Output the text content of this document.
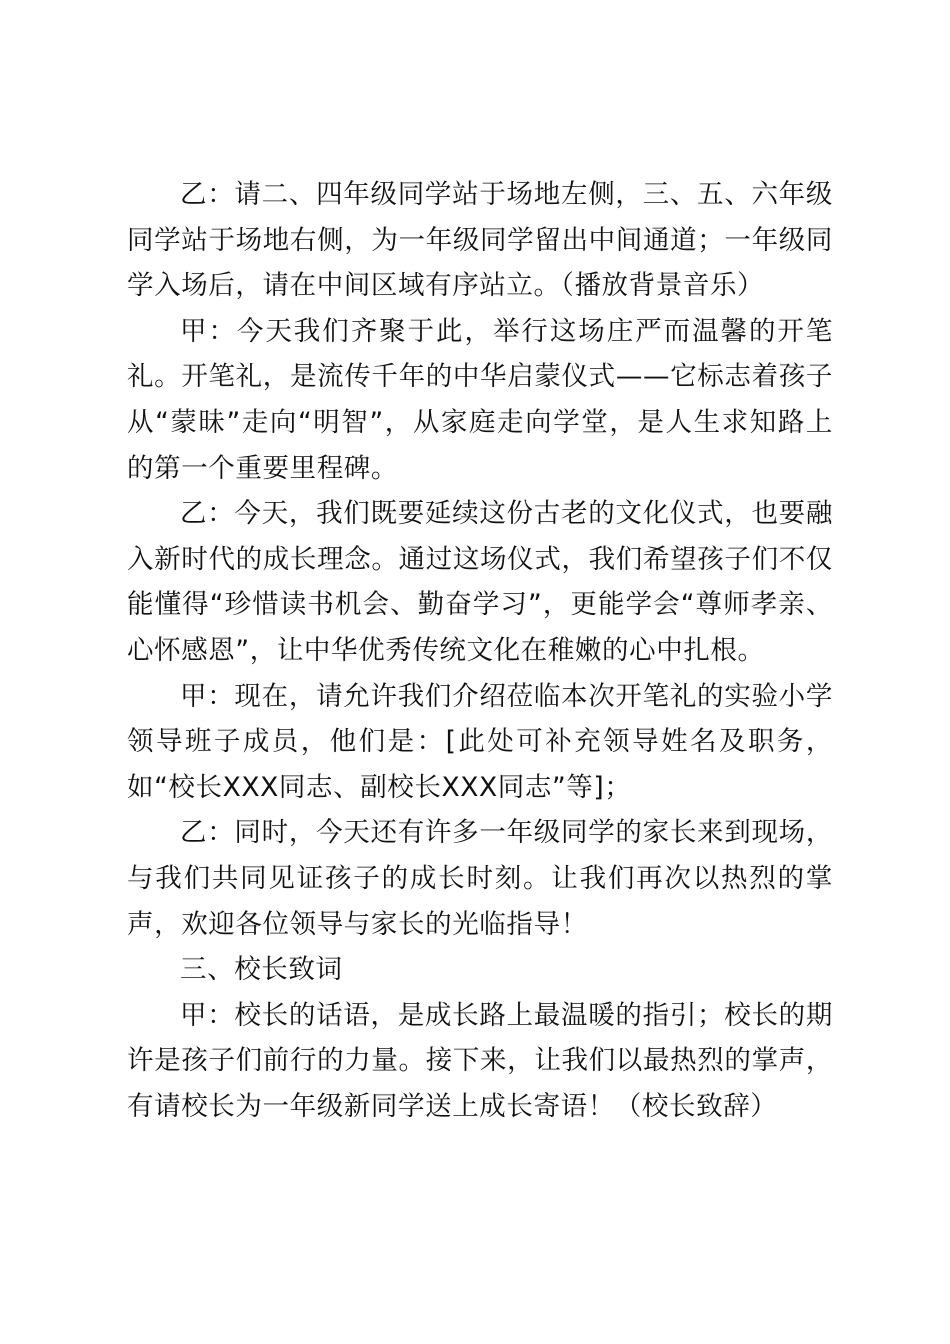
乙：请二、四年级同学站于场地左侧，三、五、六年级同学站于场地右侧，为一年级同学留出中间通道；一年级同学入场后，请在中间区域有序站立。（播放背景音乐）

甲：今天我们齐聚于此，举行这场庄严而温馨的开笔礼。开笔礼，是流传千年的中华启蒙仪式——它标志着孩子从“蒙昧”走向“明智”，从家庭走向学堂，是人生求知路上的第一个重要里程碑。

乙：今天，我们既要延续这份古老的文化仪式，也要融入新时代的成长理念。通过这场仪式，我们希望孩子们不仅能懂得“珍惜读书机会、勤奋学习”，更能学会“尊师孝亲、心怀感恩”，让中华优秀传统文化在稚嫩的心中扎根。

甲：现在，请允许我们介绍莅临本次开笔礼的实验小学领导班子成员，他们是：[此处可补充领导姓名及职务，如“校长XXX同志、副校长XXX同志”等]；

乙：同时，今天还有许多一年级同学的家长来到现场，与我们共同见证孩子的成长时刻。让我们再次以热烈的掌声，欢迎各位领导与家长的光临指导！

三、校长致词

甲：校长的话语，是成长路上最温暖的指引；校长的期许是孩子们前行的力量。接下来，让我们以最热烈的掌声，有请校长为一年级新同学送上成长寄语！（校长致辞）
